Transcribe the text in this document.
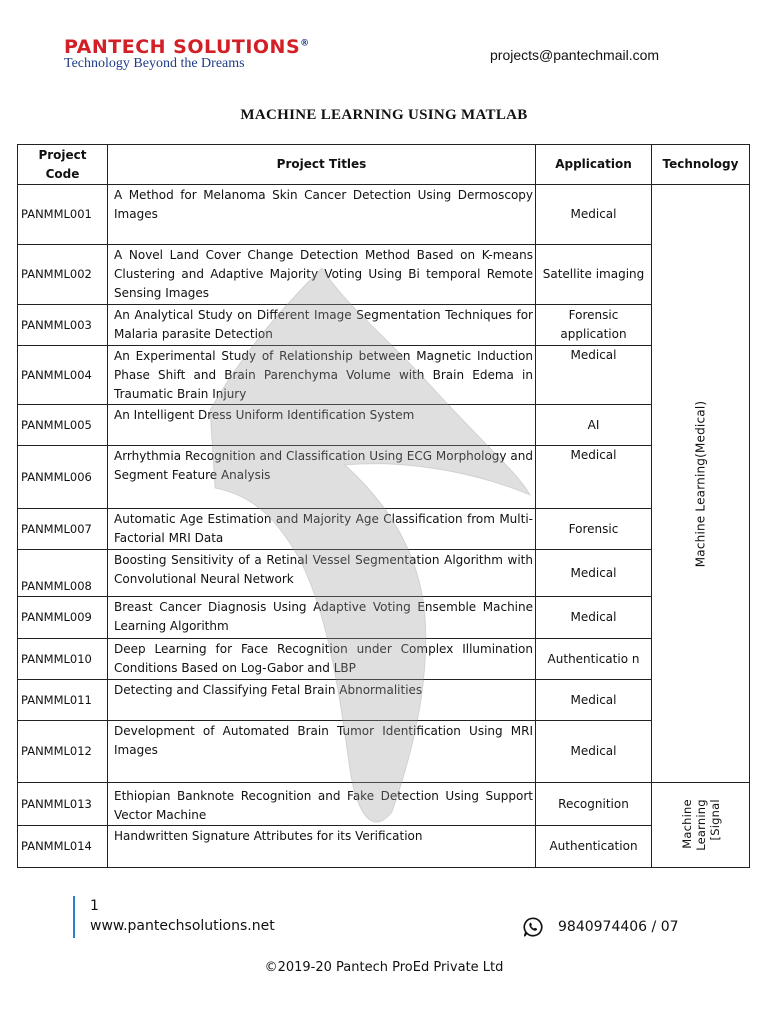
PANTECH SOLUTIONS®
Technology Beyond the Dreams
projects@pantechmail.com
MACHINE LEARNING USING MATLAB
Project Code	Project Titles	Application	Technology
PANMML001	A Method for Melanoma Skin Cancer Detection Using Dermoscopy Images	Medical	Machine Learning(Medical)

PANMML002	A Novel Land Cover Change Detection Method Based on K-means Clustering and Adaptive Majority Voting Using Bi temporal Remote Sensing Images	Satellite imaging	
PANMML003	An Analytical Study on Different Image Segmentation Techniques for Malaria parasite Detection	Forensic application	
PANMML004	An Experimental Study of Relationship between Magnetic Induction Phase Shift and Brain Parenchyma Volume with Brain Edema in Traumatic Brain Injury	Medical	
PANMML005	An Intelligent Dress Uniform Identification System	AI	
PANMML006	Arrhythmia Recognition and Classification Using ECG Morphology and Segment Feature Analysis	Medical	
PANMML007	Automatic Age Estimation and Majority Age Classification from Multi-Factorial MRI Data	Forensic	
PANMML008	Boosting Sensitivity of a Retinal Vessel Segmentation Algorithm with Convolutional Neural Network	Medical	
PANMML009	Breast Cancer Diagnosis Using Adaptive Voting Ensemble Machine Learning Algorithm	Medical	
PANMML010	Deep Learning for Face Recognition under Complex Illumination Conditions Based on Log-Gabor and LBP	Authenticatio n	
PANMML011	Detecting and Classifying Fetal Brain Abnormalities	Medical	
PANMML012	Development of Automated Brain Tumor Identification Using MRI Images	Medical	
PANMML013	Ethiopian Banknote Recognition and Fake Detection Using Support Vector Machine	Recognition	Machine Learning [Signal

PANMML014	Handwritten Signature Attributes for its Verification	Authentication	
1
www.pantechsolutions.net	9840974406 / 07
©2019-20 Pantech ProEd Private Ltd
